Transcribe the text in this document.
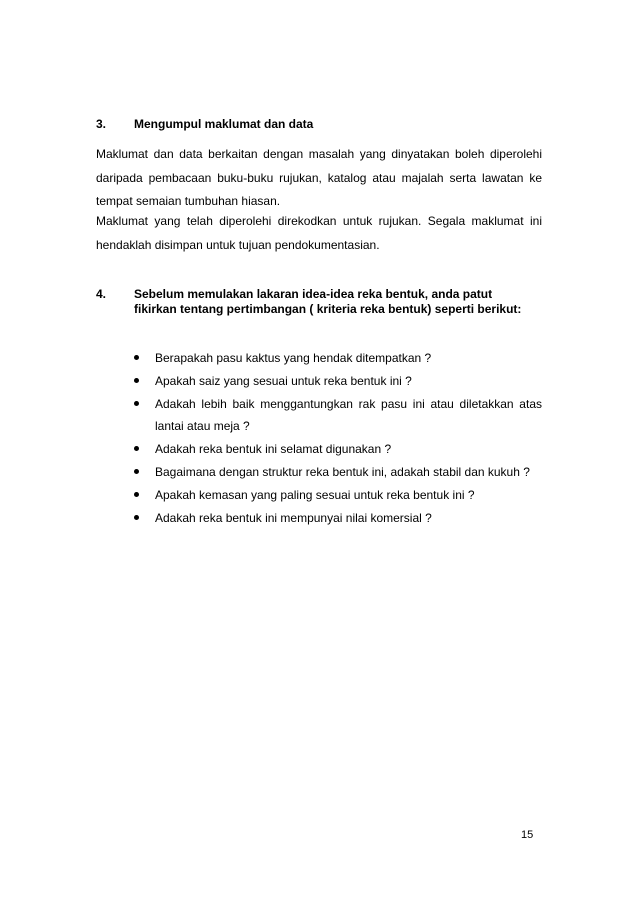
3. Mengumpul maklumat dan data
Maklumat dan data berkaitan dengan masalah yang dinyatakan boleh diperolehi daripada pembacaan buku-buku rujukan, katalog atau majalah serta lawatan ke tempat semaian tumbuhan hiasan.
Maklumat yang telah diperolehi direkodkan untuk rujukan. Segala maklumat ini hendaklah disimpan untuk tujuan pendokumentasian.
4. Sebelum memulakan lakaran idea-idea reka bentuk, anda patut fikirkan tentang pertimbangan ( kriteria reka bentuk) seperti berikut:
Berapakah pasu kaktus yang hendak ditempatkan ?
Apakah saiz yang sesuai untuk reka bentuk ini ?
Adakah lebih baik menggantungkan rak pasu ini atau diletakkan atas lantai atau meja ?
Adakah reka bentuk ini selamat digunakan ?
Bagaimana dengan struktur reka bentuk ini, adakah stabil dan kukuh ?
Apakah kemasan yang paling sesuai untuk reka bentuk ini ?
Adakah reka bentuk ini mempunyai nilai komersial ?
15
